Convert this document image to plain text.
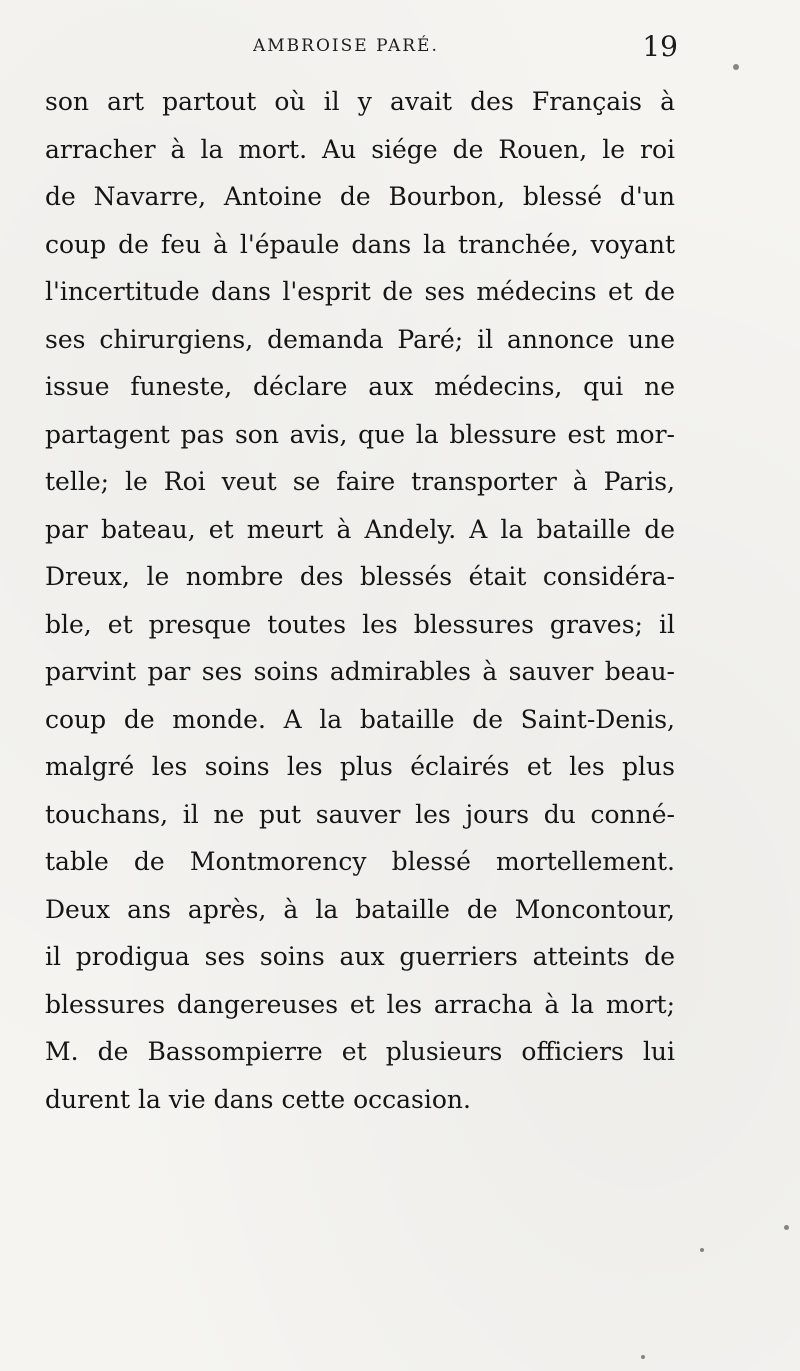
AMBROISE PARÉ.	19
son art partout où il y avait des Français à
arracher à la mort. Au siége de Rouen, le roi
de Navarre, Antoine de Bourbon, blessé d'un
coup de feu à l'épaule dans la tranchée, voyant
l'incertitude dans l'esprit de ses médecins et de
ses chirurgiens, demanda Paré; il annonce une
issue funeste, déclare aux médecins, qui ne
partagent pas son avis, que la blessure est mor-
telle; le Roi veut se faire transporter à Paris,
par bateau, et meurt à Andely. A la bataille de
Dreux, le nombre des blessés était considéra-
ble, et presque toutes les blessures graves; il
parvint par ses soins admirables à sauver beau-
coup de monde. A la bataille de Saint-Denis,
malgré les soins les plus éclairés et les plus
touchans, il ne put sauver les jours du conné-
table de Montmorency blessé mortellement.
Deux ans après, à la bataille de Moncontour,
il prodigua ses soins aux guerriers atteints de
blessures dangereuses et les arracha à la mort;
M. de Bassompierre et plusieurs officiers lui
durent la vie dans cette occasion.
